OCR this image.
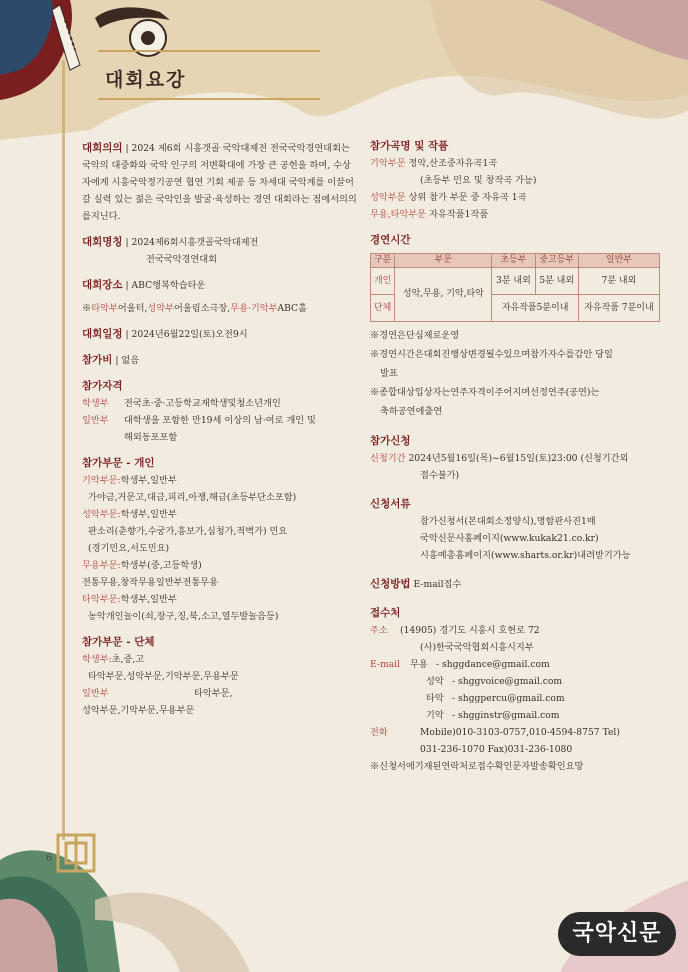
대회요강
대회의의 | 2024 제6회 시흥갯골 국악대제전 전국국악경연대회는 국악의 대중화와 국악 인구의 저변확대에 가장 큰 공헌을 하며, 수상자에게 시흥국악정기공연 협연 기회 제공 등 차세대 국악계를 이끌어갈 실력 있는 젊은 국악인을 발굴·육성하는 경연 대회라는 점에서의의를지닌다.
대회명칭 | 2024제6회시흥갯골국악대제전
전국국악경연대회
대회장소 | ABC행복학습타운
※타악부어울터,성악부어울림소극장,무용·기악부ABC홀
대회일정 | 2024년6월22일(토)오전9시
참가비 | 없음
참가자격
학생부 전국초·중·고등학교재학생및청소년개인
일반부 대학생을 포함한 만19세 이상의 남·여로 개인 및
해외동포포함
참가부문 - 개인
기악부문:학생부,일반부
가야금,거문고,대금,피리,아쟁,해금(초등부단소포함)
성악부문:학생부,일반부
판소리(춘향가,수궁가,흥보가,심청가,적벽가) 민요
(경기민요,서도민요)
무용부문:학생부(중,고등학생)
전통무용,창작무용일반부전통무용
타악부문:학생부,일반부
농악개인놀이(쇠,장구,징,북,소고,열두발놀음등)
참가부문 - 단체
학생부:초,중,고
타악부문,성악부문,기악부문,무용부문
일반부	타악부문,
성악부문,기악부문,무용부문
참가곡명 및 작품
기악부문 정악,산조중자유곡1곡
(초등부 민요 및 창작곡 가능)
성악부문 상위 참가 부문 중 자유곡 1곡
무용,타악부문 자유작품1작품
경연시간
구분	부문	초등부	중고등부	일반부
개인	성악,무용, 기악,타악	3분 내외	5분 내외	7분 내외
단체		자유작품5분이내		자유작품 7분이내
※경연은단심제로운영
※경연시간은대회진행상변경될수있으며참가자수를감안 당일
발표
※종합대상입상자는연주자격이주어지며선정연주(공연)는
축하공연에출연
참가신청
신청기간 2024년5월16일(목)~6월15일(토)23:00 (신청기간외
접수불가)
신청서류
참가신청서(본대회소정양식),명함판사진1매
국악신문사홈페이지(www.kukak21.co.kr)
시흥예총홈페이지(www.sharts.or.kr)내려받기가능
신청방법 E-mail접수
접수처
주소 (14905) 경기도 시흥시 호현로 72
(사)한국국악협회시흥시지부
E-mail 무용 - shggdance@gmail.com
성악 - shggvoice@gmail.com
타악 - shggpercu@gmail.com
기악 - shgginstr@gmail.com
전화	Mobile)010-3103-0757,010-4594-8757 Tel)
031-236-1070 Fax)031-236-1080
※신청서에기재된연락처로접수확인문자발송확인요망
6
국악신문
